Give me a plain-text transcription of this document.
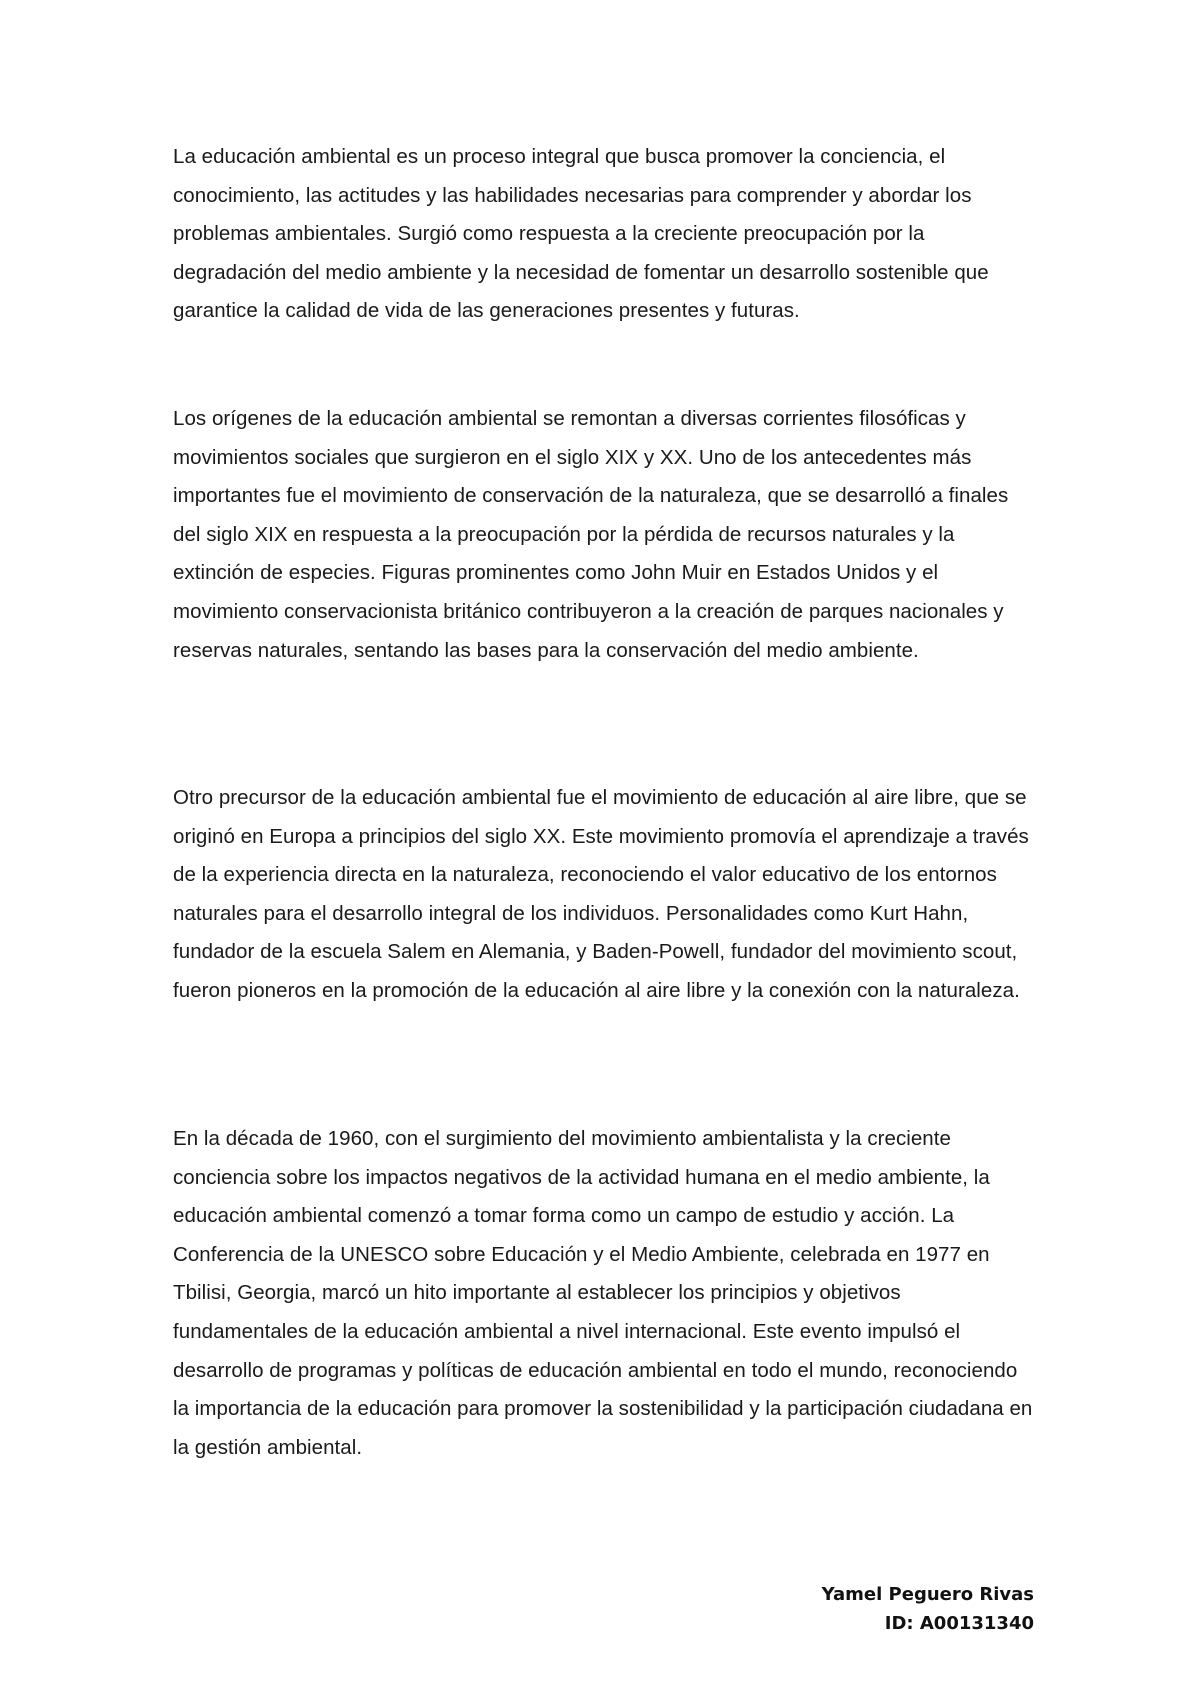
La educación ambiental es un proceso integral que busca promover la conciencia, el conocimiento, las actitudes y las habilidades necesarias para comprender y abordar los problemas ambientales. Surgió como respuesta a la creciente preocupación por la degradación del medio ambiente y la necesidad de fomentar un desarrollo sostenible que garantice la calidad de vida de las generaciones presentes y futuras.

Los orígenes de la educación ambiental se remontan a diversas corrientes filosóficas y movimientos sociales que surgieron en el siglo XIX y XX. Uno de los antecedentes más importantes fue el movimiento de conservación de la naturaleza, que se desarrolló a finales del siglo XIX en respuesta a la preocupación por la pérdida de recursos naturales y la extinción de especies. Figuras prominentes como John Muir en Estados Unidos y el movimiento conservacionista británico contribuyeron a la creación de parques nacionales y reservas naturales, sentando las bases para la conservación del medio ambiente.

Otro precursor de la educación ambiental fue el movimiento de educación al aire libre, que se originó en Europa a principios del siglo XX. Este movimiento promovía el aprendizaje a través de la experiencia directa en la naturaleza, reconociendo el valor educativo de los entornos naturales para el desarrollo integral de los individuos. Personalidades como Kurt Hahn, fundador de la escuela Salem en Alemania, y Baden-Powell, fundador del movimiento scout, fueron pioneros en la promoción de la educación al aire libre y la conexión con la naturaleza.

En la década de 1960, con el surgimiento del movimiento ambientalista y la creciente conciencia sobre los impactos negativos de la actividad humana en el medio ambiente, la educación ambiental comenzó a tomar forma como un campo de estudio y acción. La Conferencia de la UNESCO sobre Educación y el Medio Ambiente, celebrada en 1977 en Tbilisi, Georgia, marcó un hito importante al establecer los principios y objetivos fundamentales de la educación ambiental a nivel internacional. Este evento impulsó el desarrollo de programas y políticas de educación ambiental en todo el mundo, reconociendo la importancia de la educación para promover la sostenibilidad y la participación ciudadana en la gestión ambiental.

Yamel Peguero Rivas
ID: A00131340
